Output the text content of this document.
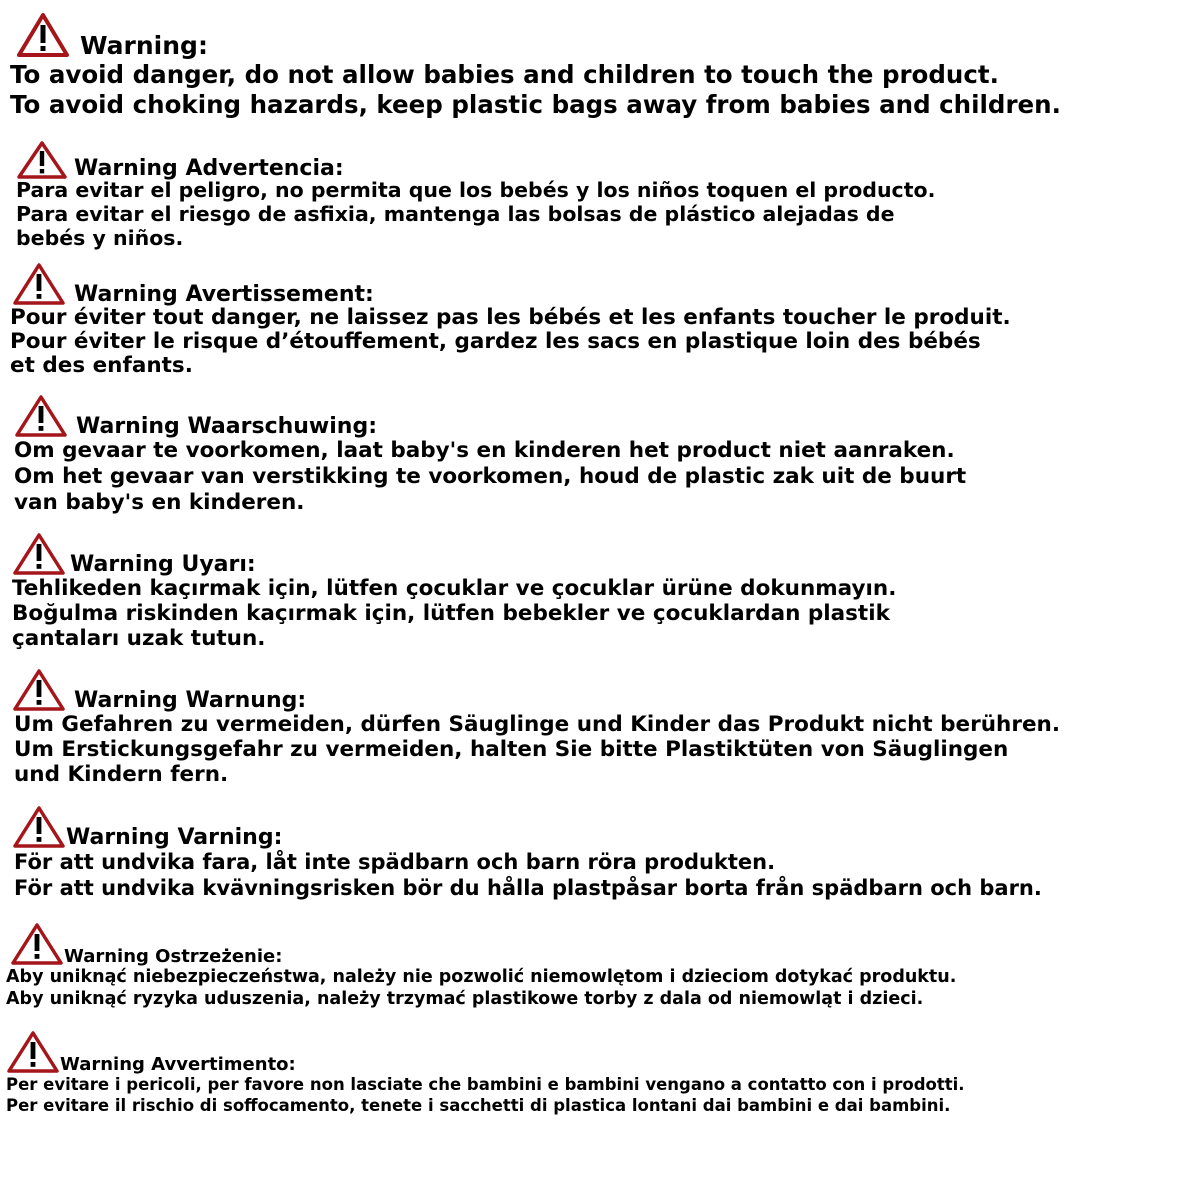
Warning:
To avoid danger, do not allow babies and children to touch the product.
To avoid choking hazards, keep plastic bags away from babies and children.
Warning Advertencia:
Para evitar el peligro, no permita que los bebés y los niños toquen el producto.
Para evitar el riesgo de asfixia, mantenga las bolsas de plástico alejadas de
bebés y niños.
Warning Avertissement:
Pour éviter tout danger, ne laissez pas les bébés et les enfants toucher le produit.
Pour éviter le risque d’étouffement, gardez les sacs en plastique loin des bébés
et des enfants.
Warning Waarschuwing:
Om gevaar te voorkomen, laat baby's en kinderen het product niet aanraken.
Om het gevaar van verstikking te voorkomen, houd de plastic zak uit de buurt
van baby's en kinderen.
Warning Uyarı:
Tehlikeden kaçırmak için, lütfen çocuklar ve çocuklar ürüne dokunmayın.
Boğulma riskinden kaçırmak için, lütfen bebekler ve çocuklardan plastik
çantaları uzak tutun.
Warning Warnung:
Um Gefahren zu vermeiden, dürfen Säuglinge und Kinder das Produkt nicht berühren.
Um Erstickungsgefahr zu vermeiden, halten Sie bitte Plastiktüten von Säuglingen
und Kindern fern.
Warning Varning:
För att undvika fara, låt inte spädbarn och barn röra produkten.
För att undvika kvävningsrisken bör du hålla plastpåsar borta från spädbarn och barn.
Warning Ostrzeżenie:
Aby uniknąć niebezpieczeństwa, należy nie pozwolić niemowlętom i dzieciom dotykać produktu.
Aby uniknąć ryzyka uduszenia, należy trzymać plastikowe torby z dala od niemowląt i dzieci.
Warning Avvertimento:
Per evitare i pericoli, per favore non lasciate che bambini e bambini vengano a contatto con i prodotti.
Per evitare il rischio di soffocamento, tenete i sacchetti di plastica lontani dai bambini e dai bambini.
